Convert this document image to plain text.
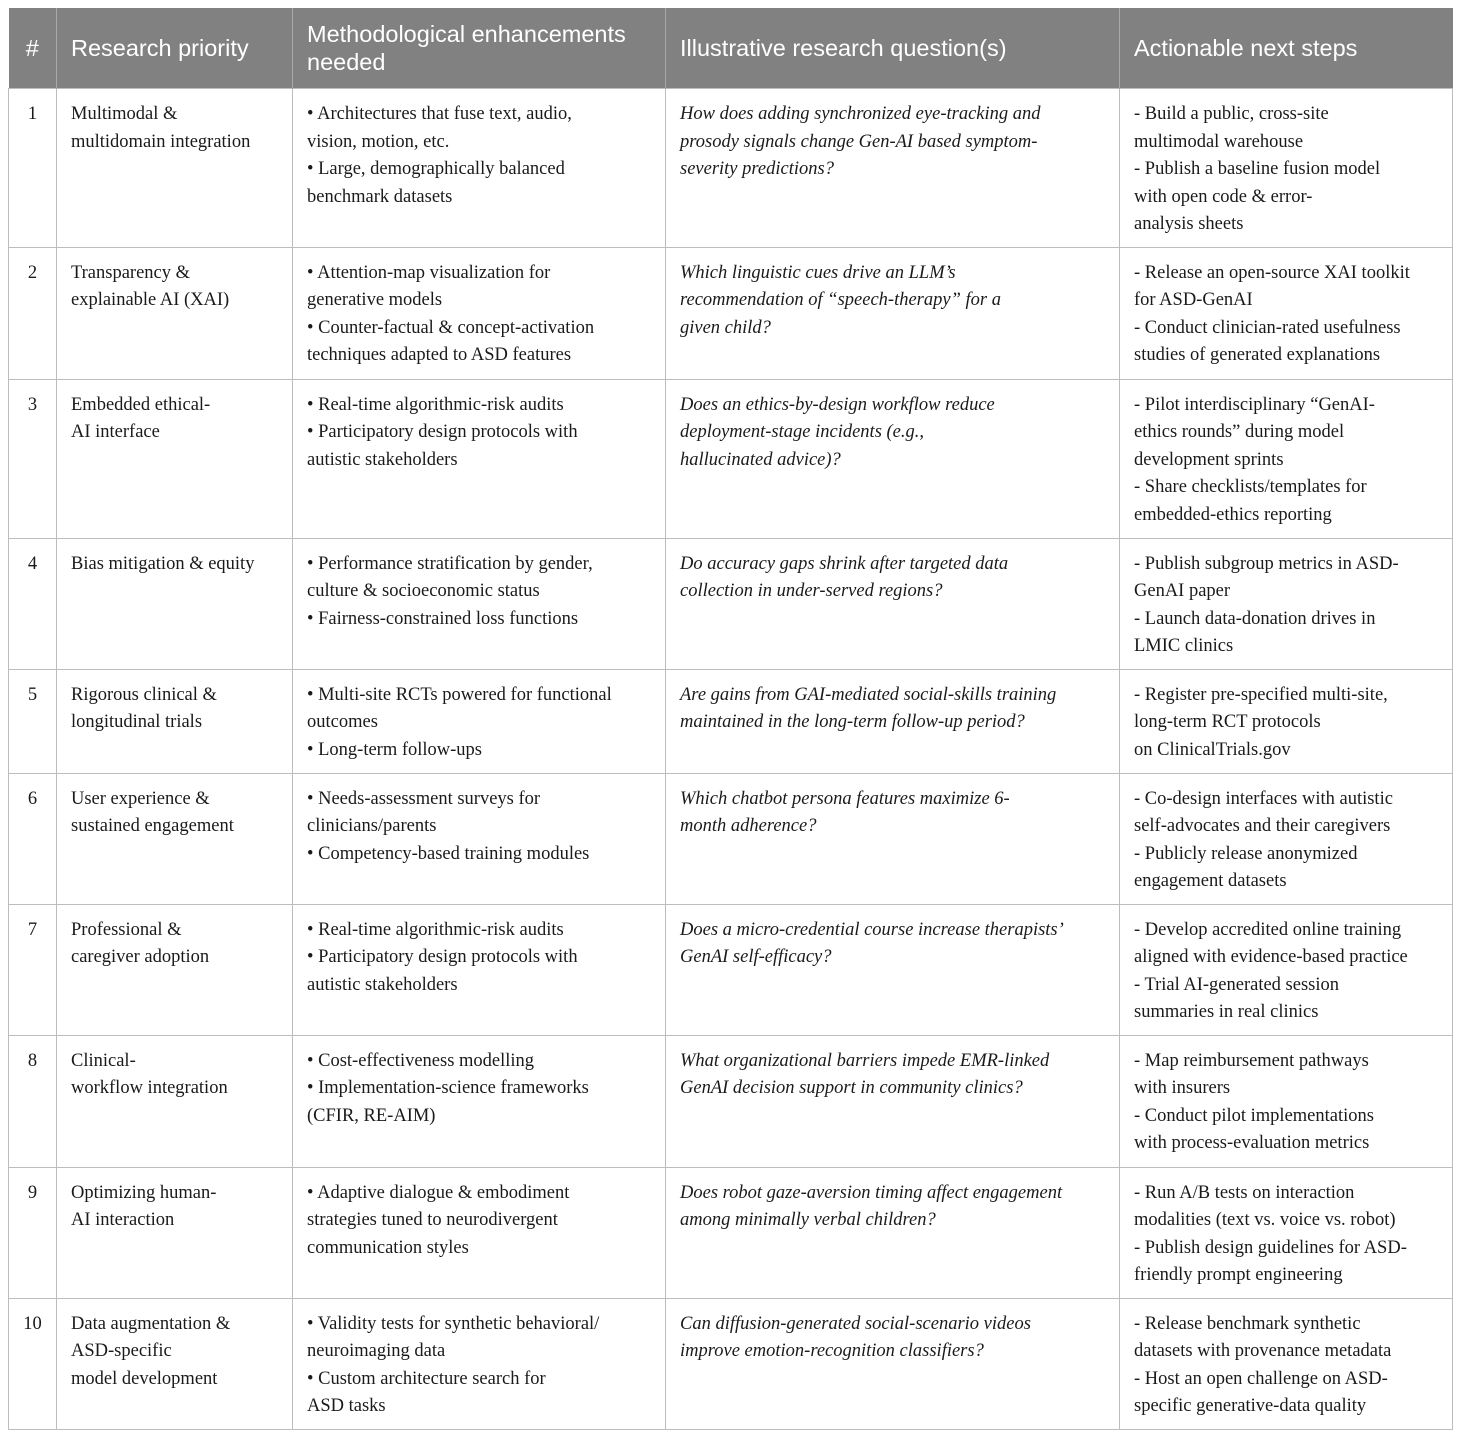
#	Research priority	Methodological enhancements needed	Illustrative research question(s)	Actionable next steps
1	Multimodal &
multidomain integration	• Architectures that fuse text, audio,
vision, motion, etc.
• Large, demographically balanced
benchmark datasets	How does adding synchronized eye-tracking and
prosody signals change Gen-AI based symptom-
severity predictions?	- Build a public, cross-site
multimodal warehouse
- Publish a baseline fusion model
with open code & error-
analysis sheets

2	Transparency &
explainable AI (XAI)	• Attention-map visualization for
generative models
• Counter-factual & concept-activation
techniques adapted to ASD features	Which linguistic cues drive an LLM’s
recommendation of “speech-therapy” for a
given child?	- Release an open-source XAI toolkit
for ASD-GenAI
- Conduct clinician-rated usefulness
studies of generated explanations

3	Embedded ethical-
AI interface	• Real-time algorithmic-risk audits
• Participatory design protocols with
autistic stakeholders	Does an ethics-by-design workflow reduce
deployment-stage incidents (e.g.,
hallucinated advice)?	- Pilot interdisciplinary “GenAI-
ethics rounds” during model
development sprints
- Share checklists/templates for
embedded-ethics reporting

4	Bias mitigation & equity	• Performance stratification by gender,
culture & socioeconomic status
• Fairness-constrained loss functions	Do accuracy gaps shrink after targeted data
collection in under-served regions?	- Publish subgroup metrics in ASD-
GenAI paper
- Launch data-donation drives in
LMIC clinics

5	Rigorous clinical &
longitudinal trials	• Multi-site RCTs powered for functional
outcomes
• Long-term follow-ups	Are gains from GAI-mediated social-skills training
maintained in the long-term follow-up period?	- Register pre-specified multi-site,
long-term RCT protocols
on ClinicalTrials.gov

6	User experience &
sustained engagement	• Needs-assessment surveys for
clinicians/parents
• Competency-based training modules	Which chatbot persona features maximize 6-
month adherence?	- Co-design interfaces with autistic
self-advocates and their caregivers
- Publicly release anonymized
engagement datasets

7	Professional &
caregiver adoption	• Real-time algorithmic-risk audits
• Participatory design protocols with
autistic stakeholders	Does a micro-credential course increase therapists’
GenAI self-efficacy?	- Develop accredited online training
aligned with evidence-based practice
- Trial AI-generated session
summaries in real clinics

8	Clinical-
workflow integration	• Cost-effectiveness modelling
• Implementation-science frameworks
(CFIR, RE-AIM)	What organizational barriers impede EMR-linked
GenAI decision support in community clinics?	- Map reimbursement pathways
with insurers
- Conduct pilot implementations
with process-evaluation metrics

9	Optimizing human-
AI interaction	• Adaptive dialogue & embodiment
strategies tuned to neurodivergent
communication styles	Does robot gaze-aversion timing affect engagement
among minimally verbal children?	- Run A/B tests on interaction
modalities (text vs. voice vs. robot)
- Publish design guidelines for ASD-
friendly prompt engineering

10	Data augmentation &
ASD-specific
model development	• Validity tests for synthetic behavioral/
neuroimaging data
• Custom architecture search for
ASD tasks	Can diffusion-generated social-scenario videos
improve emotion-recognition classifiers?	- Release benchmark synthetic
datasets with provenance metadata
- Host an open challenge on ASD-
specific generative-data quality
